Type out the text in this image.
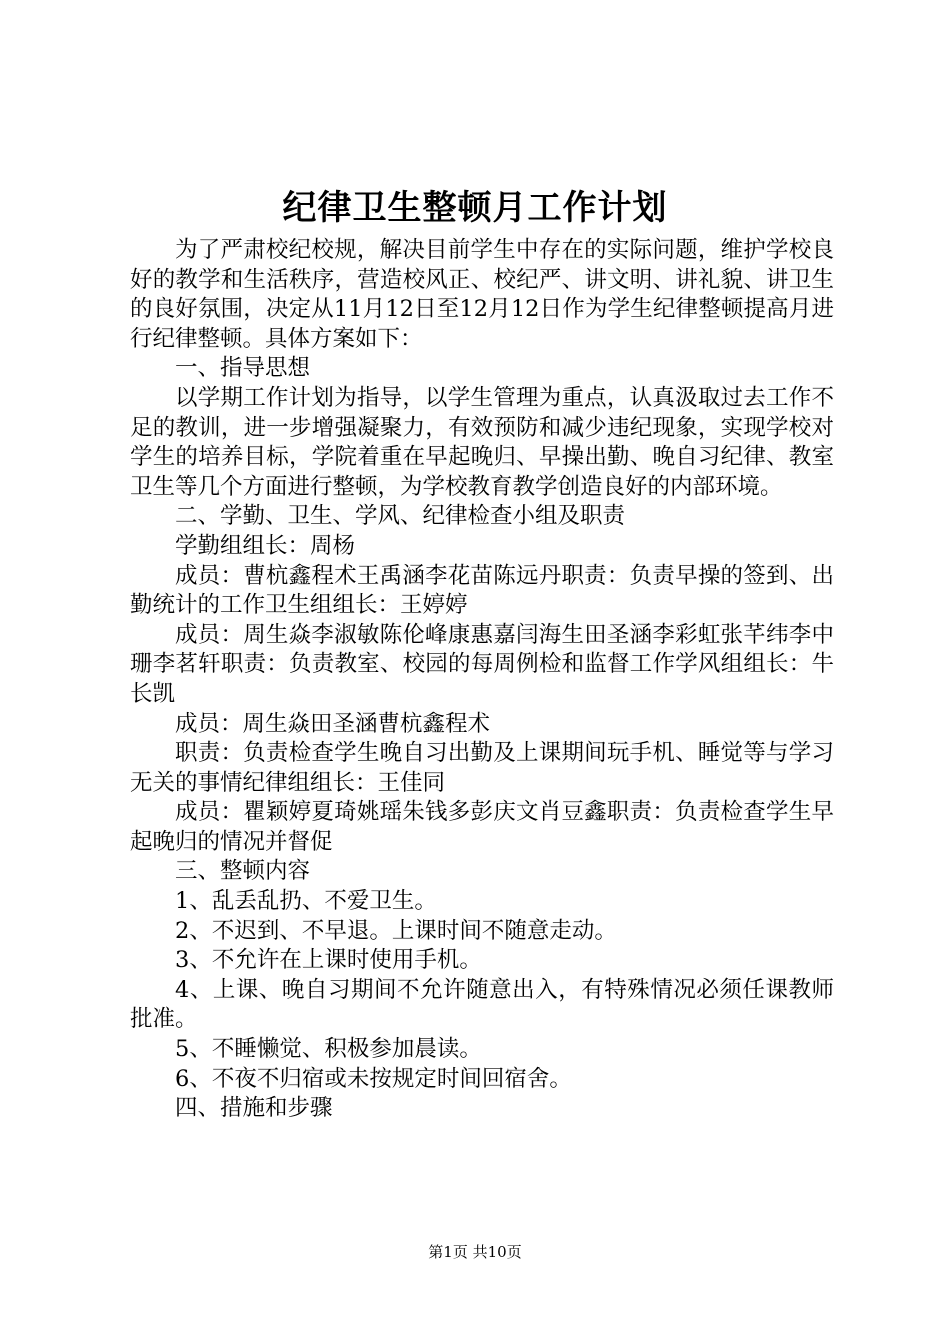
纪律卫生整顿月工作计划

为了严肃校纪校规，解决目前学生中存在的实际问题，维护学校良好的教学和生活秩序，营造校风正、校纪严、讲文明、讲礼貌、讲卫生的良好氛围，决定从11月12日至12月12日作为学生纪律整顿提高月进行纪律整顿。具体方案如下：

一、指导思想

以学期工作计划为指导，以学生管理为重点，认真汲取过去工作不足的教训，进一步增强凝聚力，有效预防和减少违纪现象，实现学校对学生的培养目标，学院着重在早起晚归、早操出勤、晚自习纪律、教室卫生等几个方面进行整顿，为学校教育教学创造良好的内部环境。

二、学勤、卫生、学风、纪律检查小组及职责

学勤组组长：周杨

成员：曹杭鑫程术王禹涵李花苗陈远丹职责：负责早操的签到、出勤统计的工作卫生组组长：王婷婷

成员：周生焱李淑敏陈伦峰康惠嘉闫海生田圣涵李彩虹张芊纬李中珊李茗轩职责：负责教室、校园的每周例检和监督工作学风组组长：牛长凯

成员：周生焱田圣涵曹杭鑫程术

职责：负责检查学生晚自习出勤及上课期间玩手机、睡觉等与学习无关的事情纪律组组长：王佳同

成员：瞿颖婷夏琦姚瑶朱钱多彭庆文肖豆鑫职责：负责检查学生早起晚归的情况并督促

三、整顿内容

1、乱丢乱扔、不爱卫生。

2、不迟到、不早退。上课时间不随意走动。

3、不允许在上课时使用手机。

4、上课、晚自习期间不允许随意出入，有特殊情况必须任课教师批准。

5、不睡懒觉、积极参加晨读。

6、不夜不归宿或未按规定时间回宿舍。

四、措施和步骤

第1页 共10页
